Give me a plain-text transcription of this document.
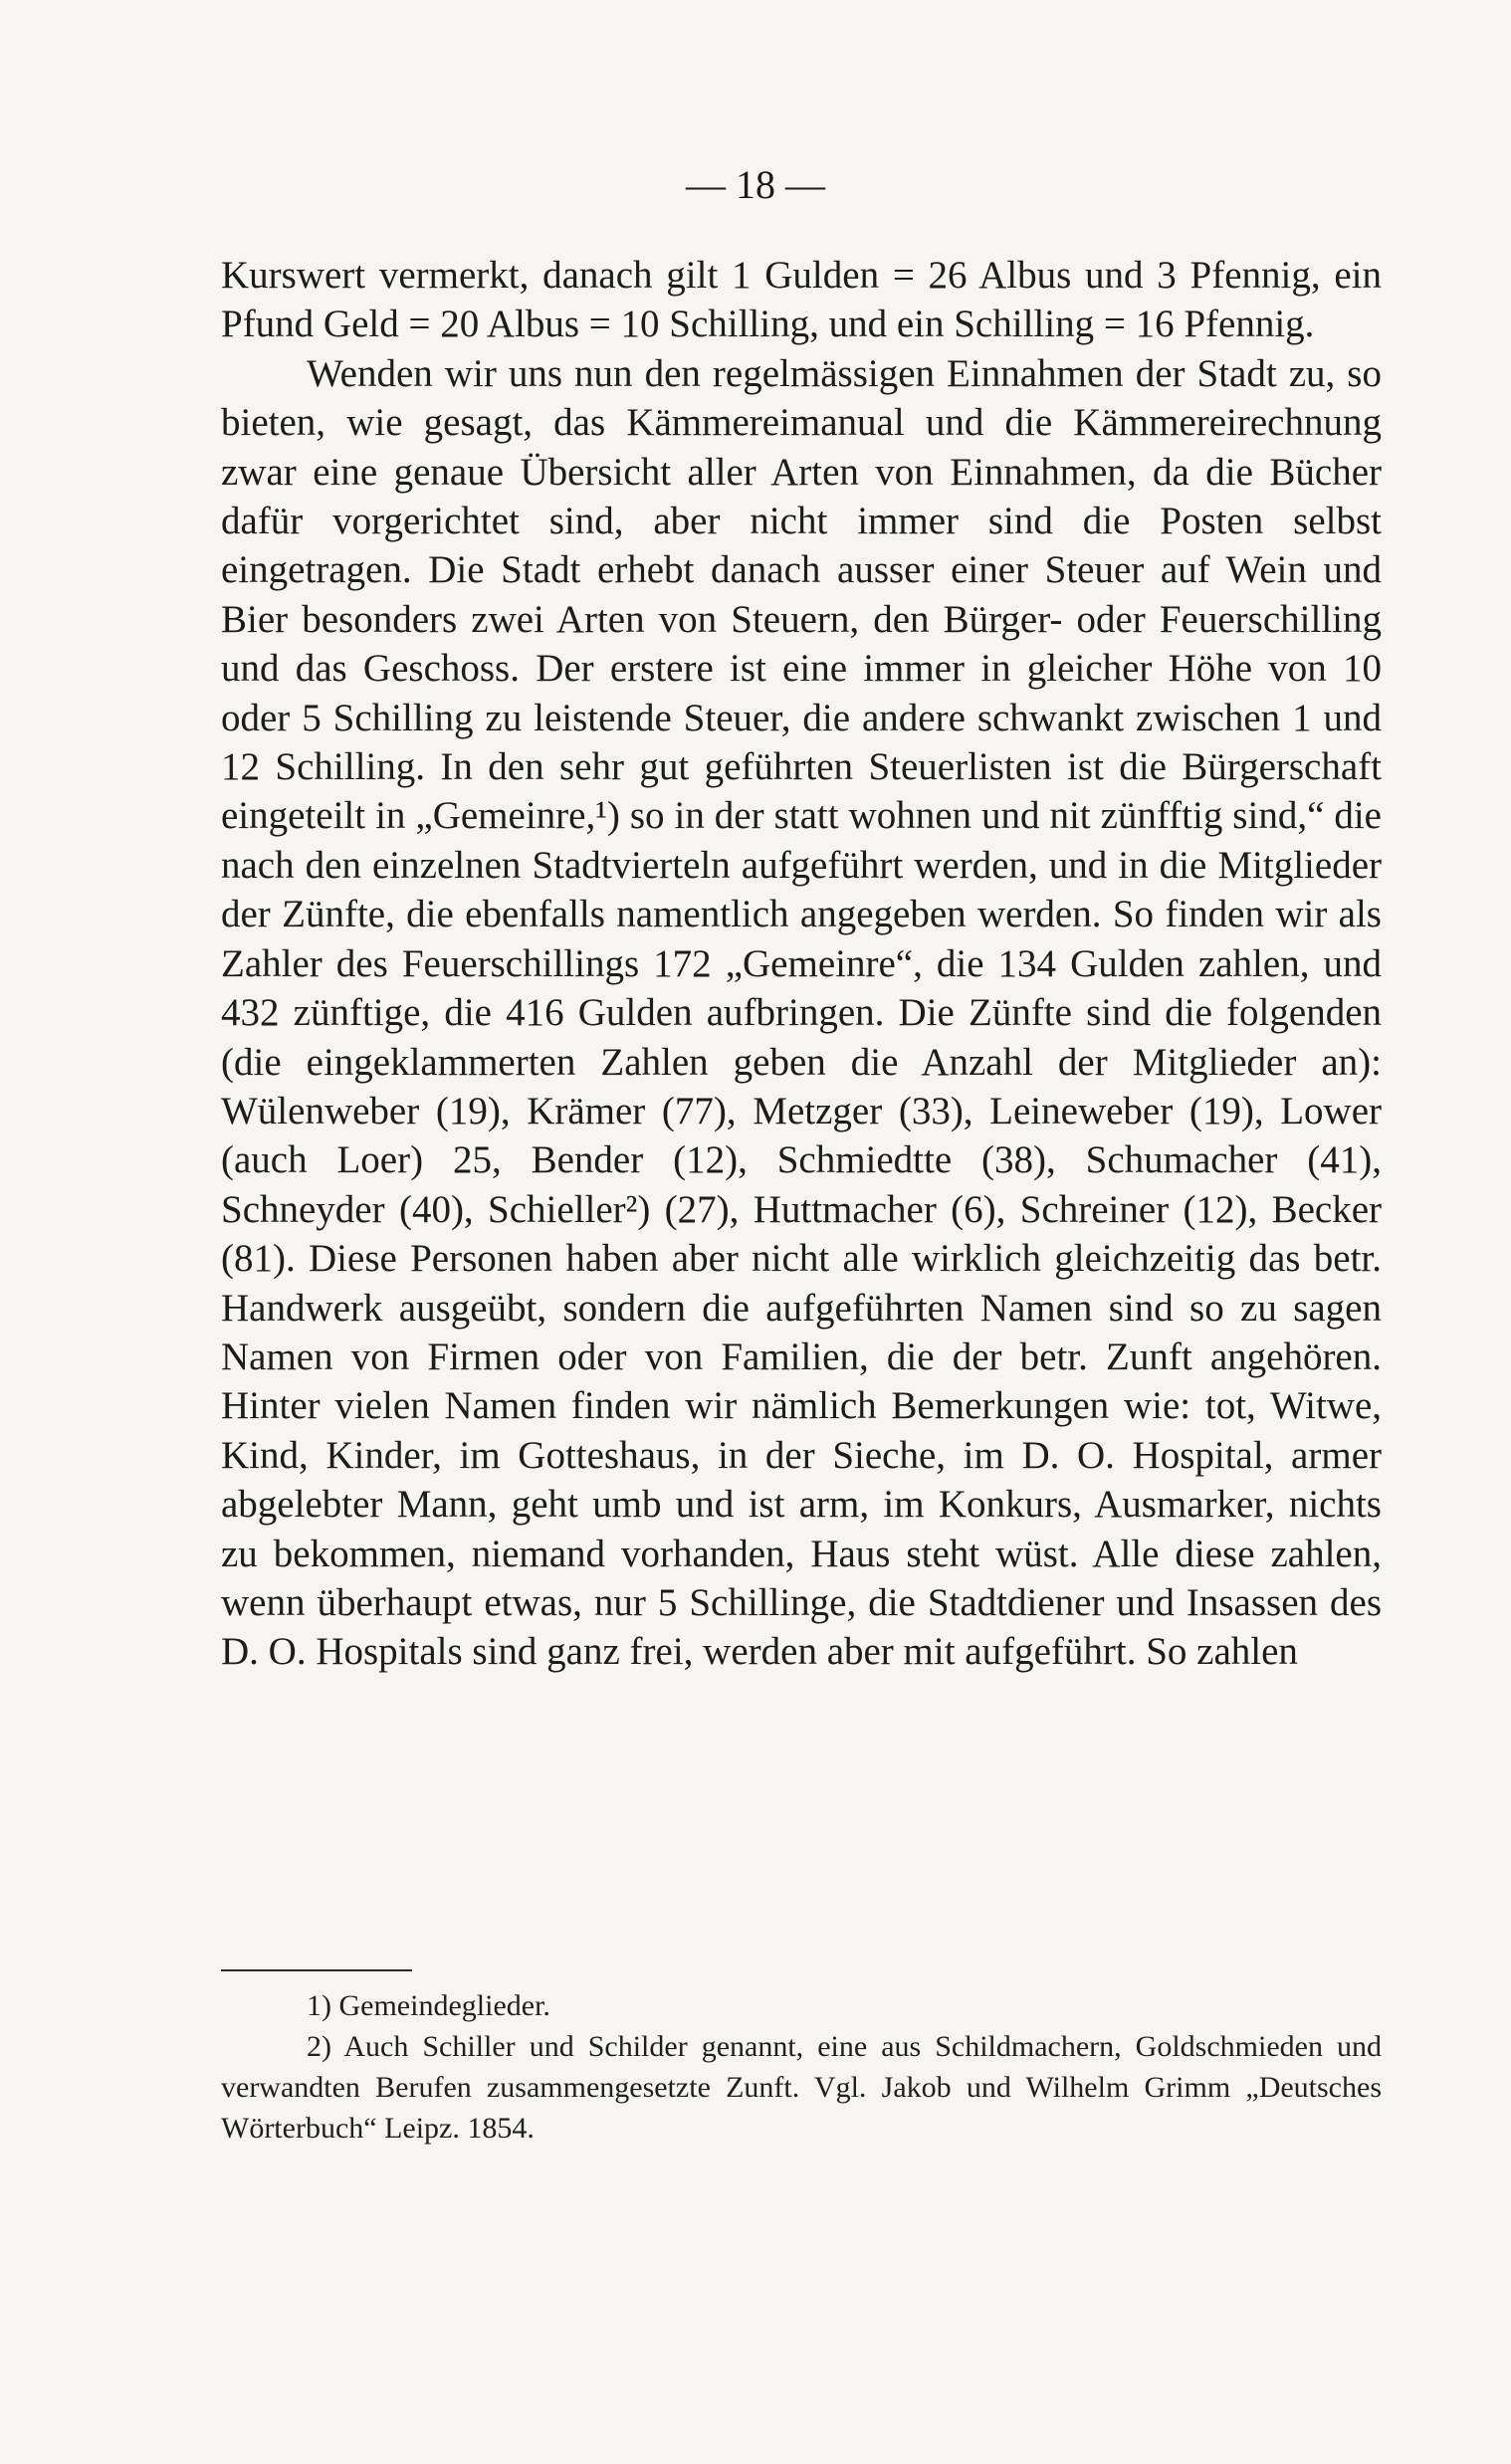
— 18 —

Kurswert vermerkt, danach gilt 1 Gulden = 26 Albus und 3 Pfennig, ein Pfund Geld = 20 Albus = 10 Schilling, und ein Schilling = 16 Pfennig.

Wenden wir uns nun den regelmässigen Einnahmen der Stadt zu, so bieten, wie gesagt, das Kämmereimanual und die Kämmereirechnung zwar eine genaue Übersicht aller Arten von Einnahmen, da die Bücher dafür vorgerichtet sind, aber nicht immer sind die Posten selbst eingetragen. Die Stadt erhebt danach ausser einer Steuer auf Wein und Bier besonders zwei Arten von Steuern, den Bürger- oder Feuerschilling und das Geschoss. Der erstere ist eine immer in gleicher Höhe von 10 oder 5 Schilling zu leistende Steuer, die andere schwankt zwischen 1 und 12 Schilling. In den sehr gut geführten Steuerlisten ist die Bürgerschaft eingeteilt in „Gemeinre,¹) so in der statt wohnen und nit zünfftig sind,“ die nach den einzelnen Stadtvierteln aufgeführt werden, und in die Mitglieder der Zünfte, die ebenfalls namentlich angegeben werden. So finden wir als Zahler des Feuerschillings 172 „Gemeinre“, die 134 Gulden zahlen, und 432 zünftige, die 416 Gulden aufbringen. Die Zünfte sind die folgenden (die eingeklammerten Zahlen geben die Anzahl der Mitglieder an): Wülenweber (19), Krämer (77), Metzger (33), Leineweber (19), Lower (auch Loer) 25, Bender (12), Schmiedtte (38), Schumacher (41), Schneyder (40), Schieller²) (27), Huttmacher (6), Schreiner (12), Becker (81). Diese Personen haben aber nicht alle wirklich gleichzeitig das betr. Handwerk ausgeübt, sondern die aufgeführten Namen sind so zu sagen Namen von Firmen oder von Familien, die der betr. Zunft angehören. Hinter vielen Namen finden wir nämlich Bemerkungen wie: tot, Witwe, Kind, Kinder, im Gotteshaus, in der Sieche, im D. O. Hospital, armer abgelebter Mann, geht umb und ist arm, im Konkurs, Ausmarker, nichts zu bekommen, niemand vorhanden, Haus steht wüst. Alle diese zahlen, wenn überhaupt etwas, nur 5 Schillinge, die Stadtdiener und Insassen des D. O. Hospitals sind ganz frei, werden aber mit aufgeführt. So zahlen

1) Gemeindeglieder.

2) Auch Schiller und Schilder genannt, eine aus Schildmachern, Goldschmieden und verwandten Berufen zusammengesetzte Zunft. Vgl. Jakob und Wilhelm Grimm „Deutsches Wörterbuch“ Leipz. 1854.
